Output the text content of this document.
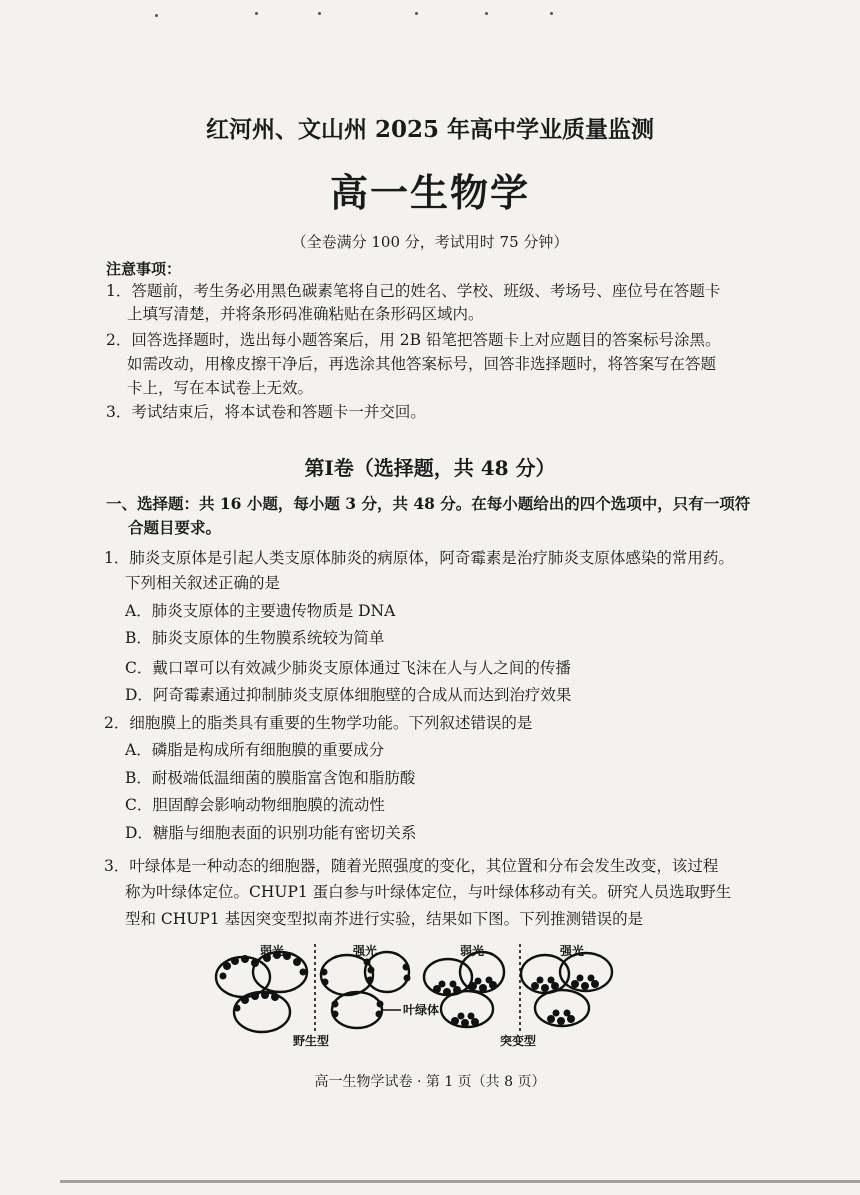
红河州、文山州 2025 年高中学业质量监测
高一生物学
（全卷满分 100 分，考试用时 75 分钟）
注意事项：
1．答题前，考生务必用黑色碳素笔将自己的姓名、学校、班级、考场号、座位号在答题卡
上填写清楚，并将条形码准确粘贴在条形码区域内。
2．回答选择题时，选出每小题答案后，用 2B 铅笔把答题卡上对应题目的答案标号涂黑。
如需改动，用橡皮擦干净后，再选涂其他答案标号，回答非选择题时，将答案写在答题
卡上，写在本试卷上无效。
3．考试结束后，将本试卷和答题卡一并交回。
第Ⅰ卷（选择题，共 48 分）
一、选择题：共 16 小题，每小题 3 分，共 48 分。在每小题给出的四个选项中，只有一项符
合题目要求。
1．肺炎支原体是引起人类支原体肺炎的病原体，阿奇霉素是治疗肺炎支原体感染的常用药。
下列相关叙述正确的是
A．肺炎支原体的主要遗传物质是 DNA
B．肺炎支原体的生物膜系统较为简单
C．戴口罩可以有效减少肺炎支原体通过飞沫在人与人之间的传播
D．阿奇霉素通过抑制肺炎支原体细胞壁的合成从而达到治疗效果
2．细胞膜上的脂类具有重要的生物学功能。下列叙述错误的是
A．磷脂是构成所有细胞膜的重要成分
B．耐极端低温细菌的膜脂富含饱和脂肪酸
C．胆固醇会影响动物细胞膜的流动性
D．糖脂与细胞表面的识别功能有密切关系
3．叶绿体是一种动态的细胞器，随着光照强度的变化，其位置和分布会发生改变，该过程
称为叶绿体定位。CHUP1 蛋白参与叶绿体定位，与叶绿体移动有关。研究人员选取野生
型和 CHUP1 基因突变型拟南芥进行实验，结果如下图。下列推测错误的是
弱光	强光	弱光	强光
叶绿体
野生型	突变型
高一生物学试卷 · 第 1 页（共 8 页）
